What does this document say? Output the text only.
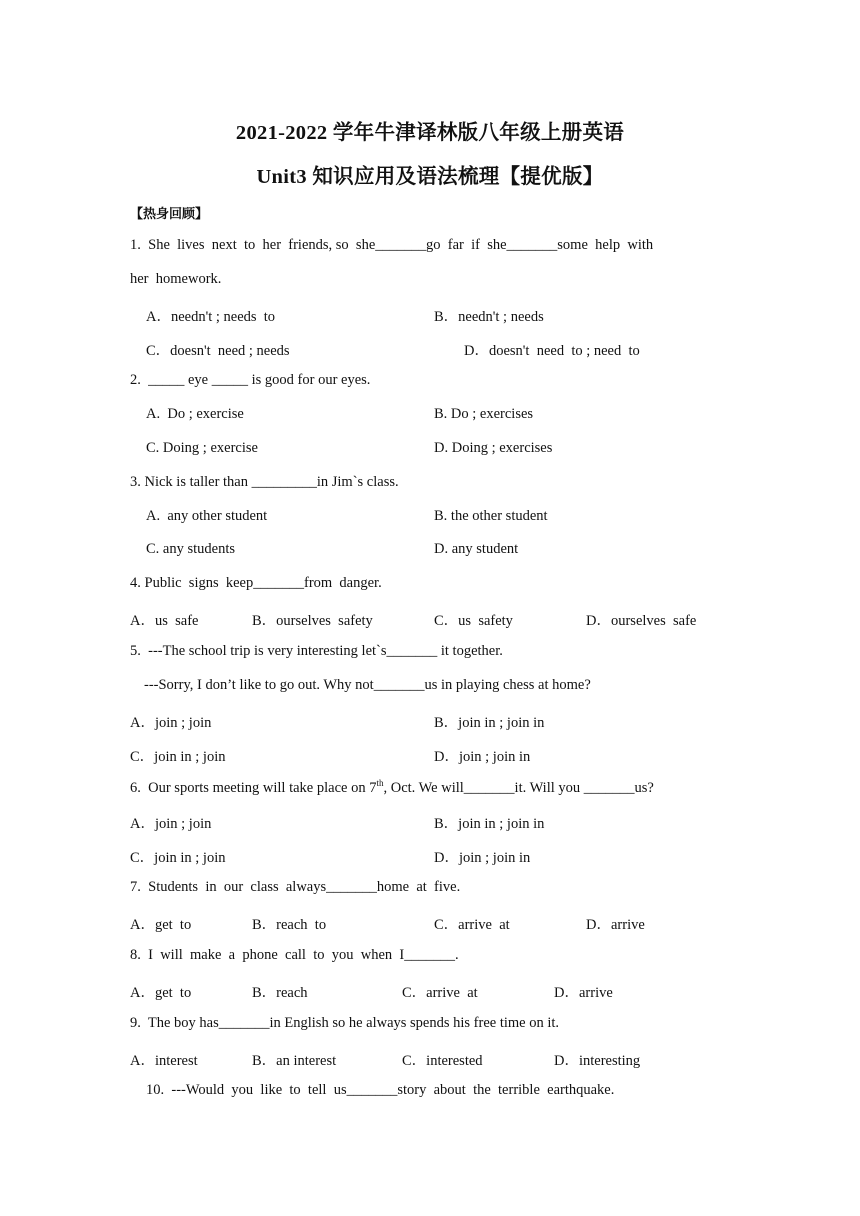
2021-2022 学年牛津译林版八年级上册英语
Unit3 知识应用及语法梳理【提优版】
【热身回顾】
1.  She  lives  next  to  her  friends, so  she_______go  far  if  she_______some  help  with
her  homework.
A．needn't ; needs  to	B．needn't ; needs
C．doesn't  need ; needs	D．doesn't  need  to ; need  to
2.  _____ eye _____ is good for our eyes.
A.  Do ; exercise	B. Do ; exercises
C. Doing ; exercise	D. Doing ; exercises
3. Nick is taller than _________in Jim`s class.
A.  any other student	B. the other student
C. any students	D. any student
4. Public  signs  keep_______from  danger.
A．us  safe	B．ourselves  safety	C．us  safety	D．ourselves  safe
5.  ---The school trip is very interesting let`s_______ it together.
---Sorry, I don’t like to go out. Why not_______us in playing chess at home?
A．join ; join	B．join in ; join in
C．join in ; join	D．join ; join in
6.  Our sports meeting will take place on 7th, Oct. We will_______it. Will you _______us?
A．join ; join	B．join in ; join in
C．join in ; join	D．join ; join in
7.  Students  in  our  class  always_______home  at  five.
A．get  to	B．reach  to	C．arrive  at	D．arrive
8.  I  will  make  a  phone  call  to  you  when  I_______.
A．get  to	B．reach	C．arrive  at	D．arrive
9.  The boy has_______in English so he always spends his free time on it.
A．interest	B．an interest	C．interested	D．interesting
10.  ---Would  you  like  to  tell  us_______story  about  the  terrible  earthquake.
